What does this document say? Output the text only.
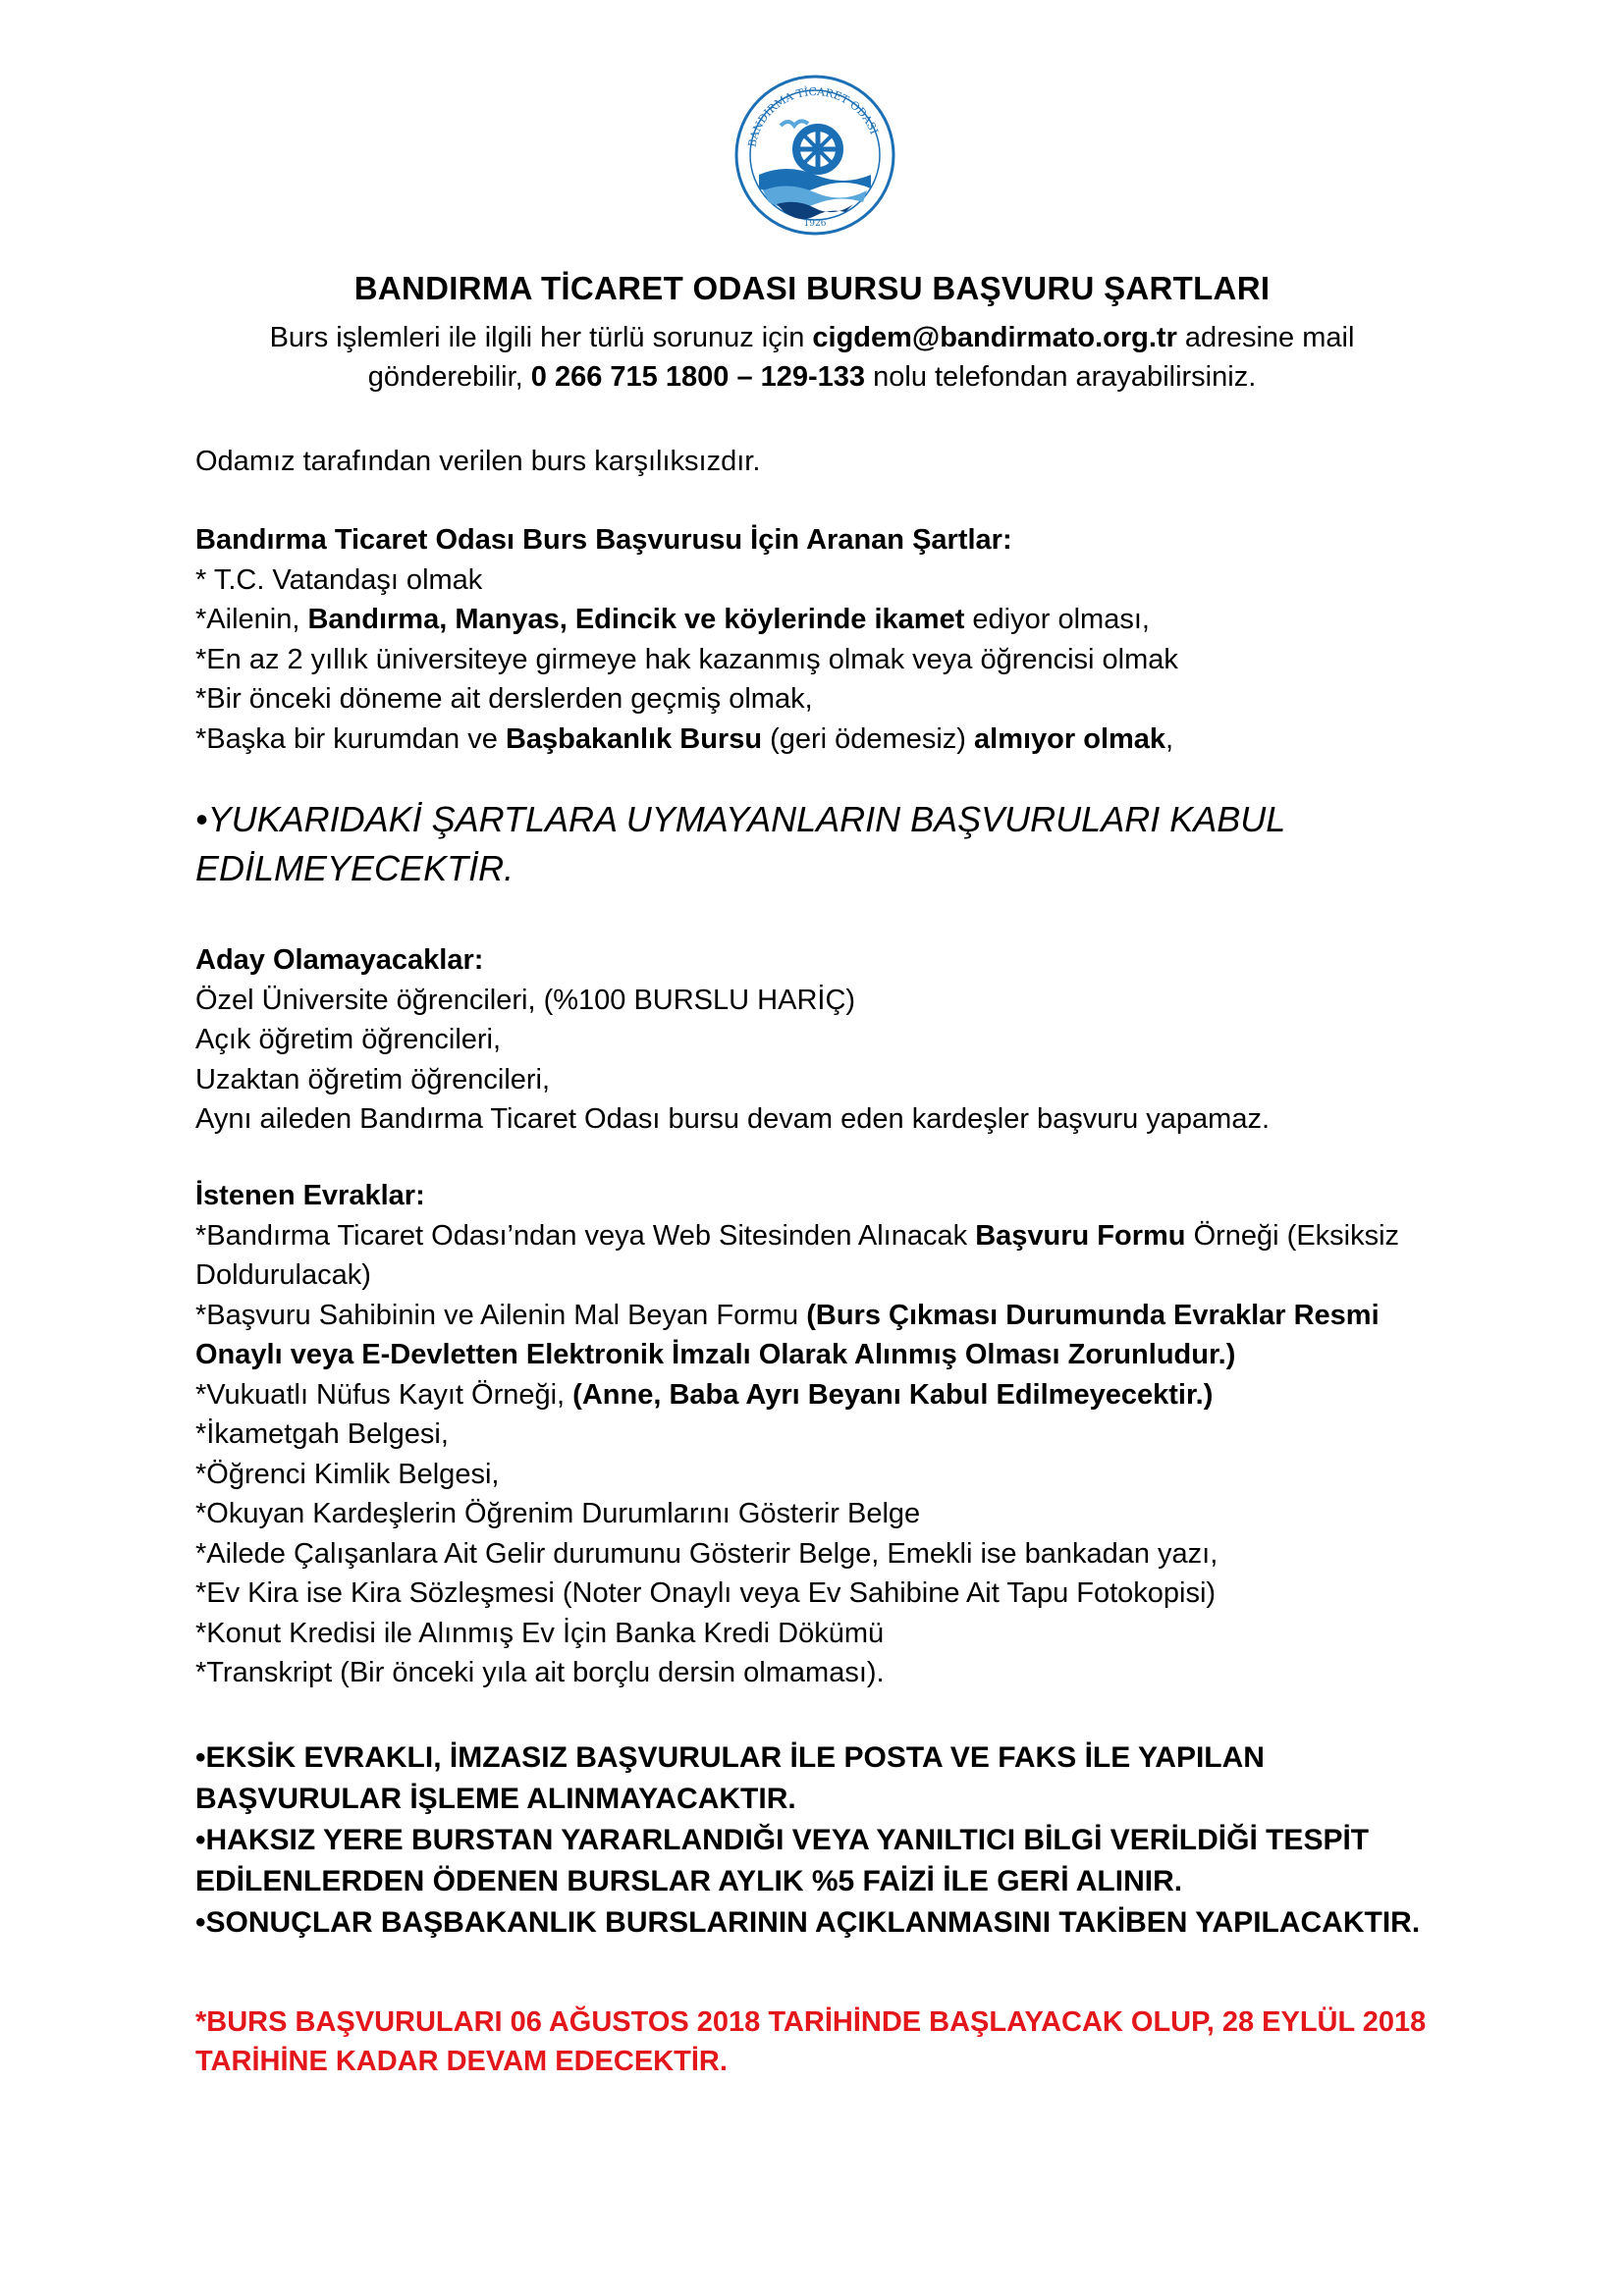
BANDIRMA TİCARET ODASI
1926
BANDIRMA TİCARET ODASI BURSU BAŞVURU ŞARTLARI
Burs işlemleri ile ilgili her türlü sorunuz için cigdem@bandirmato.org.tr adresine mail
gönderebilir, 0 266 715 1800 – 129-133 nolu telefondan arayabilirsiniz.
Odamız tarafından verilen burs karşılıksızdır.
Bandırma Ticaret Odası Burs Başvurusu İçin Aranan Şartlar:
* T.C. Vatandaşı olmak
*Ailenin, Bandırma, Manyas, Edincik ve köylerinde ikamet ediyor olması,
*En az 2 yıllık üniversiteye girmeye hak kazanmış olmak veya öğrencisi olmak
*Bir önceki döneme ait derslerden geçmiş olmak,
*Başka bir kurumdan ve Başbakanlık Bursu (geri ödemesiz) almıyor olmak,
•YUKARIDAKİ ŞARTLARA UYMAYANLARIN BAŞVURULARI KABUL
EDİLMEYECEKTİR.
Aday Olamayacaklar:
Özel Üniversite öğrencileri, (%100 BURSLU HARİÇ)
Açık öğretim öğrencileri,
Uzaktan öğretim öğrencileri,
Aynı aileden Bandırma Ticaret Odası bursu devam eden kardeşler başvuru yapamaz.
İstenen Evraklar:
*Bandırma Ticaret Odası’ndan veya Web Sitesinden Alınacak Başvuru Formu Örneği (Eksiksiz
Doldurulacak)
*Başvuru Sahibinin ve Ailenin Mal Beyan Formu (Burs Çıkması Durumunda Evraklar Resmi
Onaylı veya E-Devletten Elektronik İmzalı Olarak Alınmış Olması Zorunludur.)
*Vukuatlı Nüfus Kayıt Örneği, (Anne, Baba Ayrı Beyanı Kabul Edilmeyecektir.)
*İkametgah Belgesi,
*Öğrenci Kimlik Belgesi,
*Okuyan Kardeşlerin Öğrenim Durumlarını Gösterir Belge
*Ailede Çalışanlara Ait Gelir durumunu Gösterir Belge, Emekli ise bankadan yazı,
*Ev Kira ise Kira Sözleşmesi (Noter Onaylı veya Ev Sahibine Ait Tapu Fotokopisi)
*Konut Kredisi ile Alınmış Ev İçin Banka Kredi Dökümü
*Transkript (Bir önceki yıla ait borçlu dersin olmaması).
•EKSİK EVRAKLI, İMZASIZ BAŞVURULAR İLE POSTA VE FAKS İLE YAPILAN
BAŞVURULAR İŞLEME ALINMAYACAKTIR.
•HAKSIZ YERE BURSTAN YARARLANDIĞI VEYA YANILTICI BİLGİ VERİLDİĞİ TESPİT
EDİLENLERDEN ÖDENEN BURSLAR AYLIK %5 FAİZİ İLE GERİ ALINIR.
•SONUÇLAR BAŞBAKANLIK BURSLARININ AÇIKLANMASINI TAKİBEN YAPILACAKTIR.
*BURS BAŞVURULARI 06 AĞUSTOS 2018 TARİHİNDE BAŞLAYACAK OLUP, 28 EYLÜL 2018
TARİHİNE KADAR DEVAM EDECEKTİR.
